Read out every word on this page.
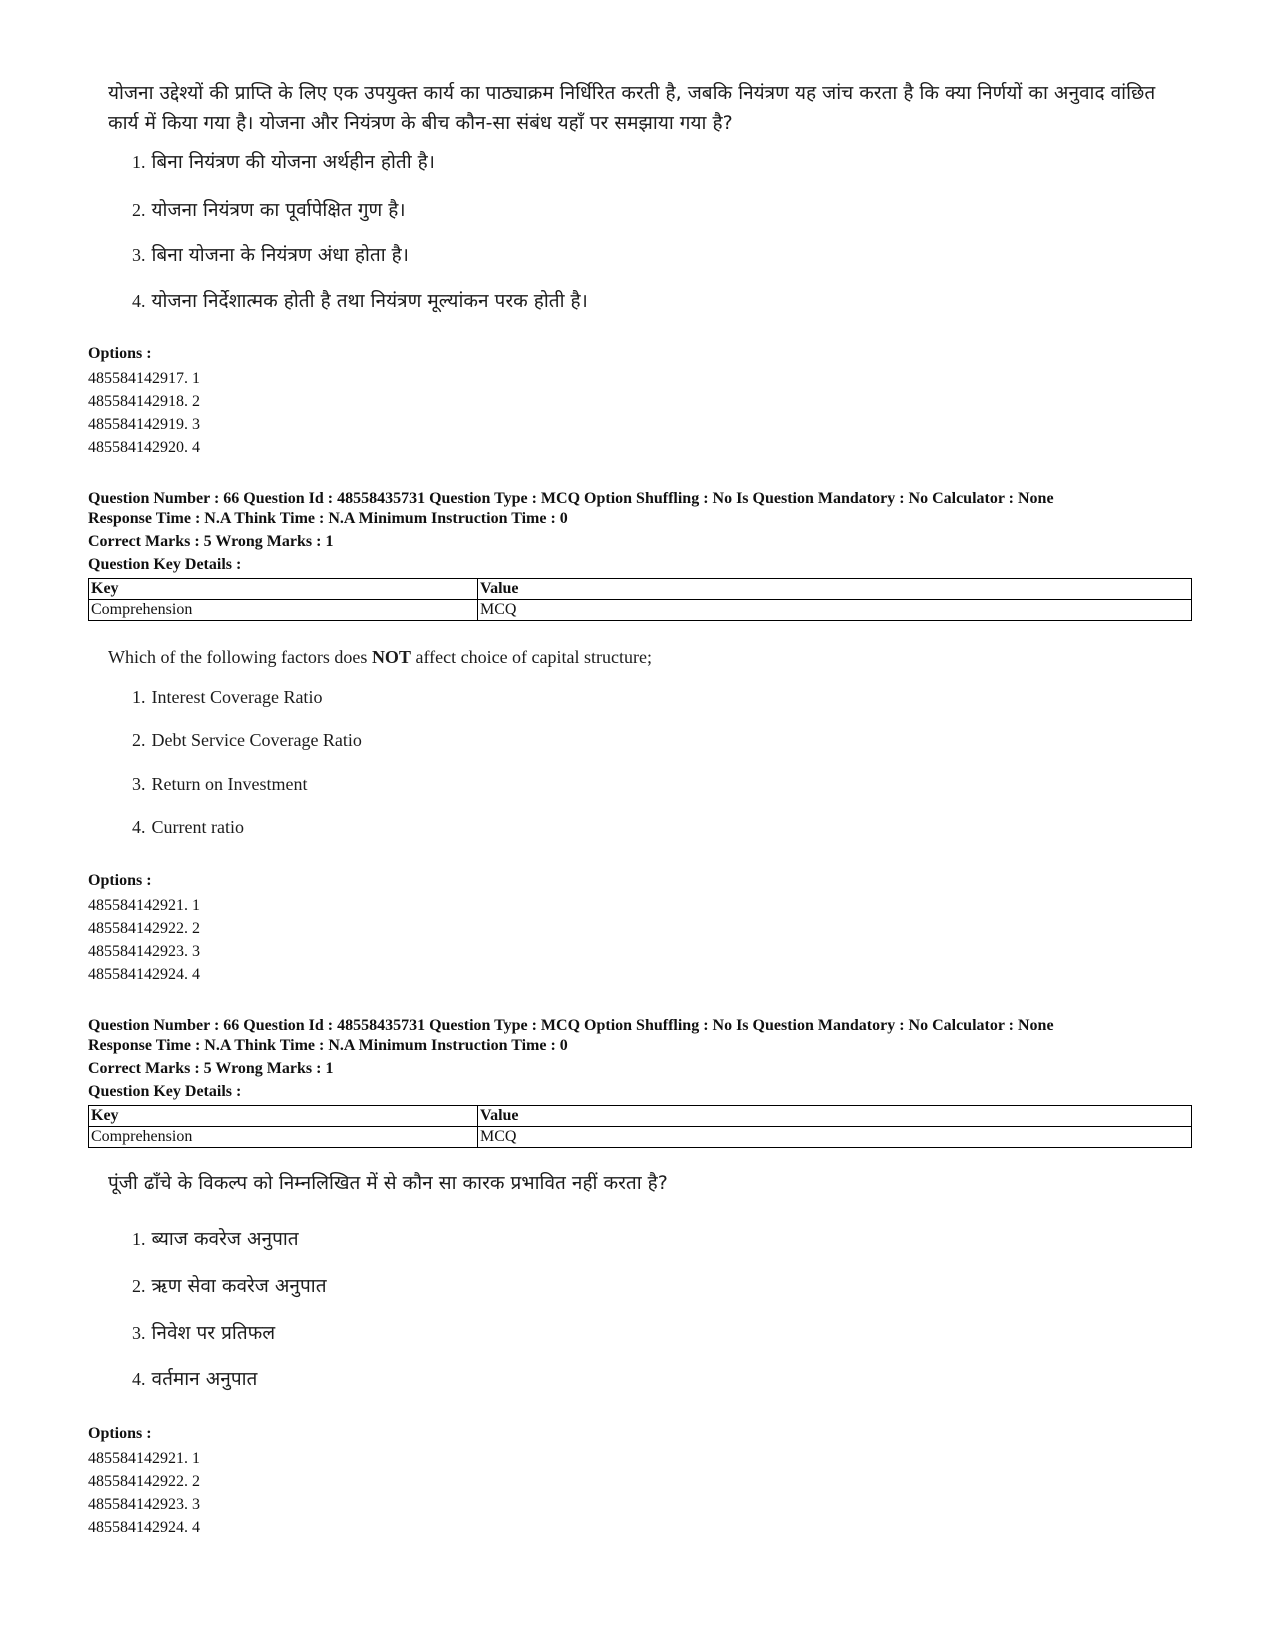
योजना उद्देश्यों की प्राप्ति के लिए एक उपयुक्त कार्य का पाठ्याक्रम निर्धिरित करती है, जबकि नियंत्रण यह जांच करता है कि क्या निर्णयों का अनुवाद वांछित कार्य में किया गया है। योजना और नियंत्रण के बीच कौन-सा संबंध यहाँ पर समझाया गया है?
1. बिना नियंत्रण की योजना अर्थहीन होती है।
2. योजना नियंत्रण का पूर्वापेक्षित गुण है।
3. बिना योजना के नियंत्रण अंधा होता है।
4. योजना निर्देशात्मक होती है तथा नियंत्रण मूल्यांकन परक होती है।
Options :
485584142917. 1
485584142918. 2
485584142919. 3
485584142920. 4
Question Number : 66 Question Id : 48558435731 Question Type : MCQ Option Shuffling : No Is Question Mandatory : No Calculator : None
Response Time : N.A Think Time : N.A Minimum Instruction Time : 0
Correct Marks : 5 Wrong Marks : 1
Question Key Details :
Key	Value
Comprehension	MCQ
Which of the following factors does NOT affect choice of capital structure;
1. Interest Coverage Ratio
2. Debt Service Coverage Ratio
3. Return on Investment
4. Current ratio
Options :
485584142921. 1
485584142922. 2
485584142923. 3
485584142924. 4
Question Number : 66 Question Id : 48558435731 Question Type : MCQ Option Shuffling : No Is Question Mandatory : No Calculator : None
Response Time : N.A Think Time : N.A Minimum Instruction Time : 0
Correct Marks : 5 Wrong Marks : 1
Question Key Details :
Key	Value
Comprehension	MCQ
पूंजी ढाँचे के विकल्प को निम्नलिखित में से कौन सा कारक प्रभावित नहीं करता है?
1. ब्याज कवरेज अनुपात
2. ऋण सेवा कवरेज अनुपात
3. निवेश पर प्रतिफल
4. वर्तमान अनुपात
Options :
485584142921. 1
485584142922. 2
485584142923. 3
485584142924. 4
